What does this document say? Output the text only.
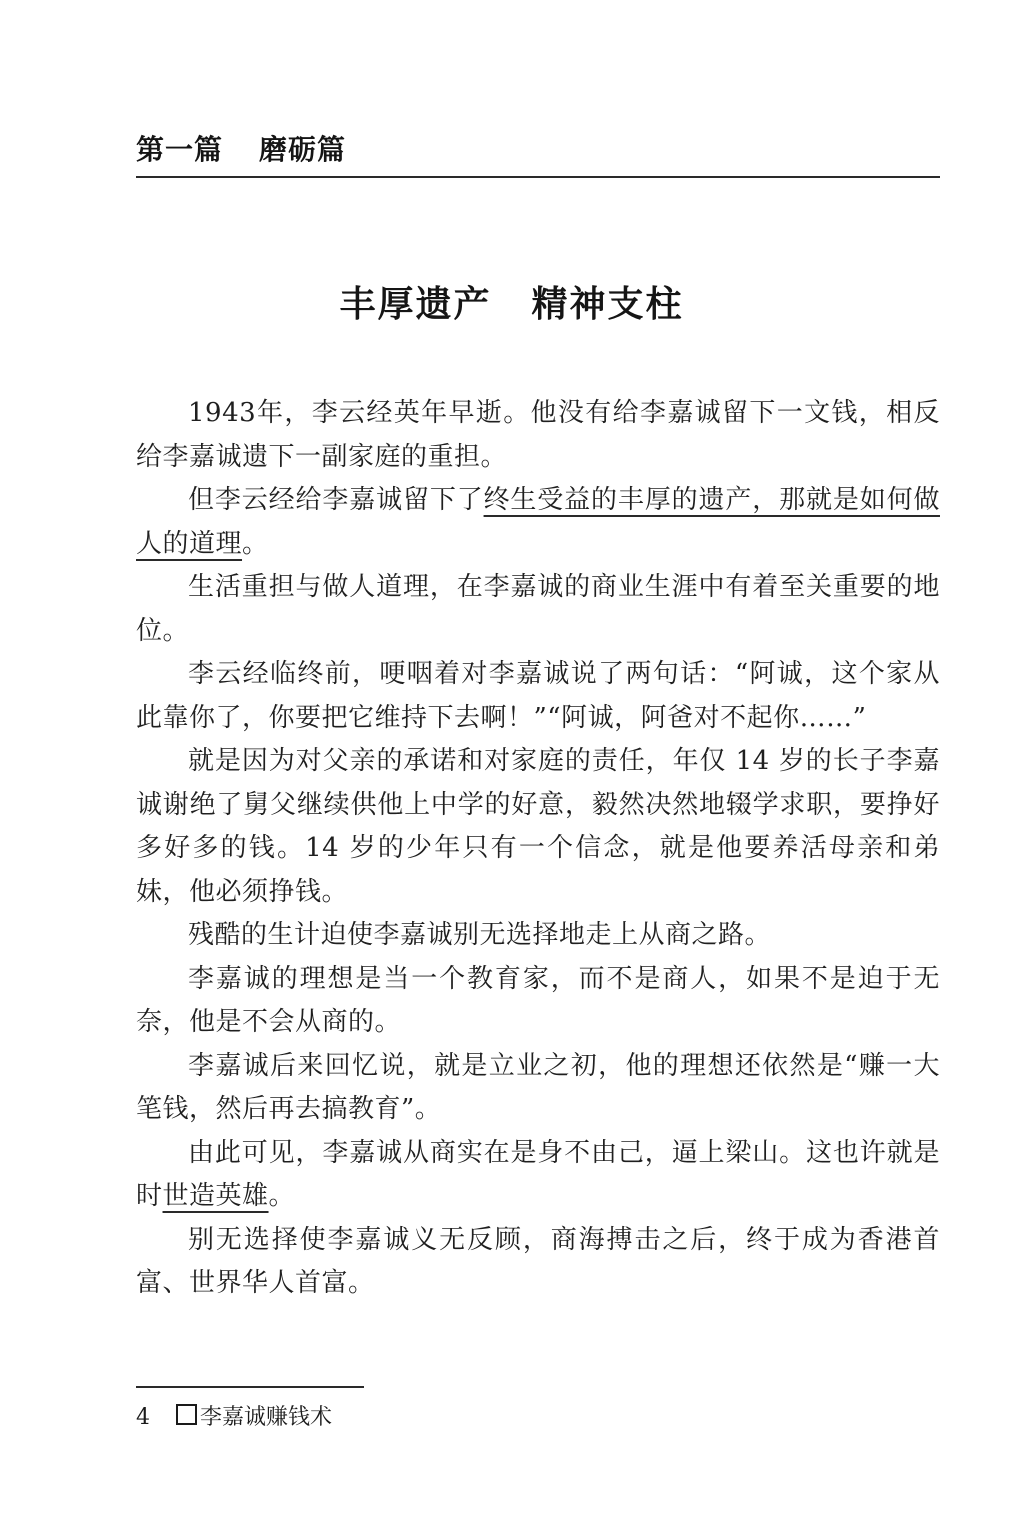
第一篇 磨砺篇
丰厚遗产 精神支柱

1943年，李云经英年早逝。他没有给李嘉诚留下一文钱，相反给李嘉诚遗下一副家庭的重担。

但李云经给李嘉诚留下了终生受益的丰厚的遗产，那就是如何做人的道理。

生活重担与做人道理，在李嘉诚的商业生涯中有着至关重要的地位。

李云经临终前，哽咽着对李嘉诚说了两句话：“阿诚，这个家从此靠你了，你要把它维持下去啊！”“阿诚，阿爸对不起你……”

就是因为对父亲的承诺和对家庭的责任，年仅 14 岁的长子李嘉诚谢绝了舅父继续供他上中学的好意，毅然决然地辍学求职，要挣好多好多的钱。14 岁的少年只有一个信念，就是他要养活母亲和弟妹，他必须挣钱。

残酷的生计迫使李嘉诚别无选择地走上从商之路。

李嘉诚的理想是当一个教育家，而不是商人，如果不是迫于无奈，他是不会从商的。

李嘉诚后来回忆说，就是立业之初，他的理想还依然是“赚一大笔钱，然后再去搞教育”。

由此可见，李嘉诚从商实在是身不由己，逼上梁山。这也许就是时世造英雄。

别无选择使李嘉诚义无反顾，商海搏击之后，终于成为香港首富、世界华人首富。

4 李嘉诚赚钱术
